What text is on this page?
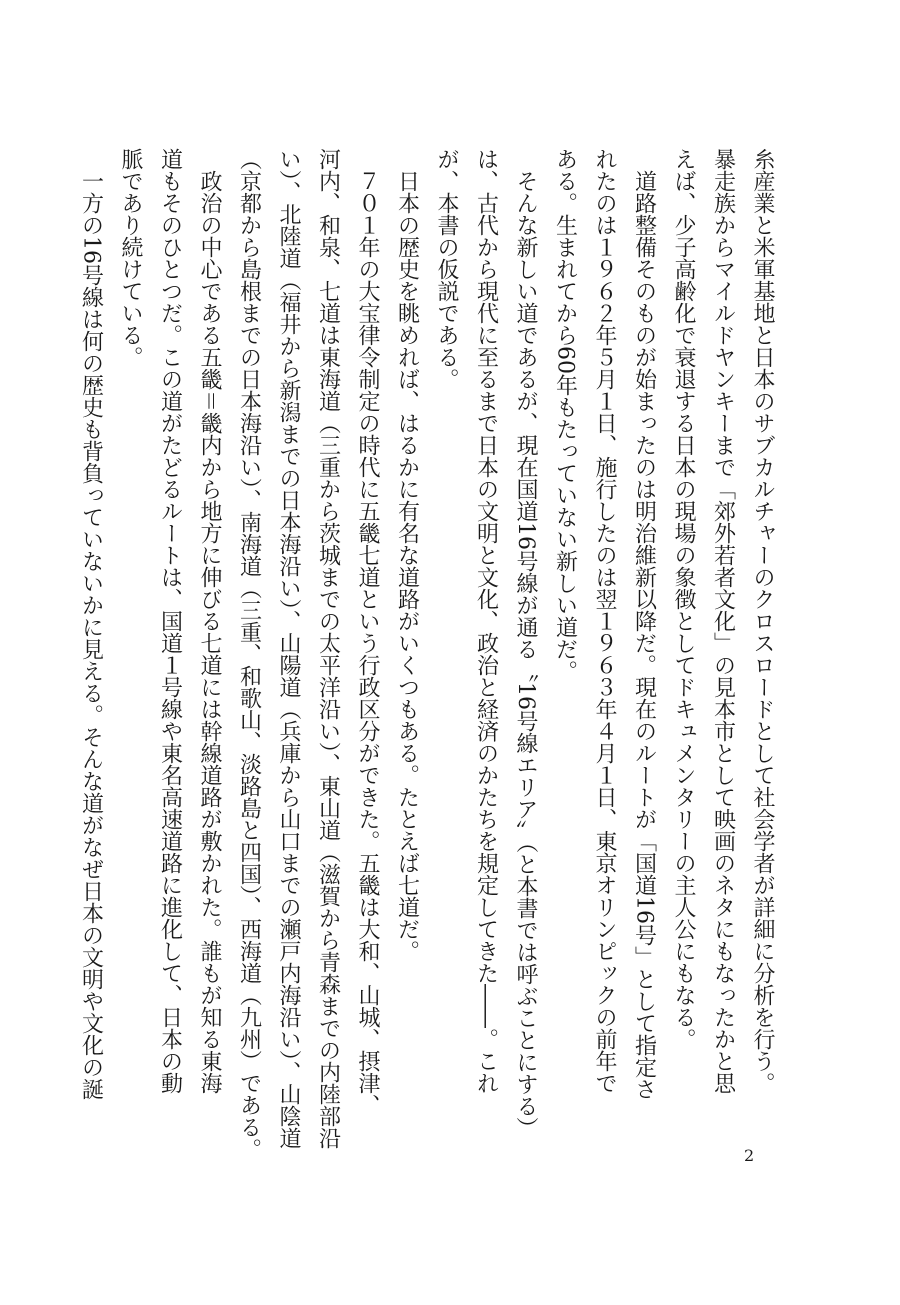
糸産業と米軍基地と日本のサブカルチャーのクロスロードとして社会学者が詳細に分析を行う。

暴走族からマイルドヤンキーまで「郊外若者文化」の見本市として映画のネタにもなったかと思

えば、少子高齢化で衰退する日本の現場の象徴としてドキュメンタリーの主人公にもなる。

道路整備そのものが始まったのは明治維新以降だ。現在のルートが「国道16号」として指定さ

れたのは１９６２年５月１日、施行したのは翌１９６３年４月１日、東京オリンピックの前年で

ある。生まれてから60年もたっていない新しい道だ。

そんな新しい道であるが、現在国道16号線が通る〝16号線エリア〟（と本書では呼ぶことにする）

は、古代から現代に至るまで日本の文明と文化、政治と経済のかたちを規定してきた――。これ

が、本書の仮説である。

日本の歴史を眺めれば、はるかに有名な道路がいくつもある。たとえば七道だ。

７０１年の大宝律令制定の時代に五畿七道という行政区分ができた。五畿は大和、山城、摂津、

河内、和泉、七道は東海道（三重から茨城までの太平洋沿い）、東山道（滋賀から青森までの内陸部沿

い）、北陸道（福井から新潟までの日本海沿い）、山陽道（兵庫から山口までの瀬戸内海沿い）、山陰道

（京都から島根までの日本海沿い）、南海道（三重、和歌山、淡路島と四国）、西海道（九州）である。

政治の中心である五畿＝畿内から地方に伸びる七道には幹線道路が敷かれた。誰もが知る東海

道もそのひとつだ。この道がたどるルートは、国道１号線や東名高速道路に進化して、日本の動

脈であり続けている。

一方の16号線は何の歴史も背負っていないかに見える。そんな道がなぜ日本の文明や文化の誕

2
